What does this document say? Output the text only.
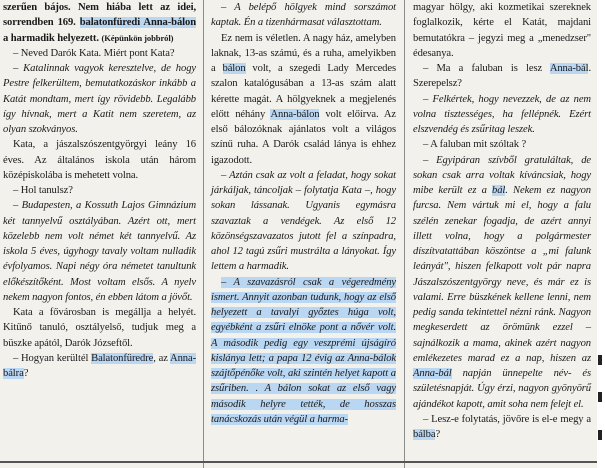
szerűen bájos. Nem hiába lett az idei, sorrendben 169. balatonfüredi Anna-bálon a harmadik helyezett. (Képünkön jobbról)

– Neved Darók Kata. Miért pont Kata?

– Katalinnak vagyok keresztelve, de hogy Pestre felkerültem, bemutatkozáskor inkább a Katát mondtam, mert így rövidebb. Legalább így hívnak, mert a Katit nem szeretem, az olyan szokványos.

Kata, a jászalszószentgyörgyi leány 16 éves. Az általános iskola után három középiskolába is mehetett volna.

– Hol tanulsz?

– Budapesten, a Kossuth Lajos Gimnázium két tannyelvű osztályában. Azért ott, mert közelebb nem volt német két tannyelvű. Az iskola 5 éves, úgyhogy tavaly voltam nulladik évfolyamos. Napi négy óra németet tanultunk előkészítőként. Most voltam elsős. A nyelv nekem nagyon fontos, én ebben látom a jövőt.

Kata a fővárosban is megállja a helyét. Kitűnő tanuló, osztályelső, tudjuk meg a büszke apától, Darók Józseftől.

– Hogyan kerültél Balatonfüredre, az Anna-bálra?

– A belépő hölgyek mind sorszámot kaptak. Én a tizenhármasat választottam.

Ez nem is véletlen. A nagy ház, amelyben laknak, 13-as számú, és a ruha, amelyikben a bálon volt, a szegedi Lady Mercedes szalon katalógusában a 13-as szám alatt kérette magát. A hölgyeknek a megjelenés előtt néhány Anna-bálon volt előírva. Az első bálozóknak ajánlatos volt a világos színű ruha. A Darók család lánya is ehhez igazodott.

– Aztán csak az volt a feladat, hogy sokat járkáljak, táncoljak – folytatja Kata –, hogy sokan lássanak. Ugyanis egymásra szavaztak a vendégek. Az első 12 közönségszavazatos jutott fel a színpadra, ahol 12 tagú zsűri mustrálta a lányokat. Így lettem a harmadik.

– A szavazásról csak a végeredmény ismert. Annyit azonban tudunk, hogy az első helyezett a tavalyi győztes húga volt, egyébként a zsűri elnöke pont a nővér volt. A második pedig egy veszprémi újságíró kislánya lett; a papa 12 évig az Anna-bálok szájtőpénőke volt, aki szintén helyet kapott a zsűriben. . A bálon sokat az első vagy második helyre tették, de hosszas tanácskozás után végül a harma-

magyar hölgy, aki kozmetikai szereknek foglalkozik, kérte el Katát, majdani bemutatókra – jegyzi meg a „menedzser" édesanya.

– Ma a faluban is lesz Anna-bál. Szerepelsz?

– Felkértek, hogy nevezzek, de az nem volna tisztességes, ha fellépnék. Ezért elszvendég és zsűritag leszek.

– A faluban mit szóltak ?

– Egyipáran szívből gratuláltak, de sokan csak arra voltak kíváncsiak, hogy mibe került ez a bál. Nekem ez nagyon furcsa. Nem vártuk mi el, hogy a falu szélén zenekar fogadja, de azért annyi illett volna, hogy a polgármester díszítvatattában köszöntse a „mi falunk leányát", hiszen felkapott volt pár napra Jászalszószentgyörgy neve, és már ez is valami. Erre büszkének kellene lenni, nem pedig sanda tekintettel nézni ránk. Nagyon megkeserdett az örömünk ezzel – sajnálkozik a mama, akinek azért nagyon emlékezetes marad ez a nap, hiszen az Anna-bál napján ünnepelte név- és születésnapját. Úgy érzi, nagyon gyönyörű ajándékot kapott, amit soha nem felejt el.

– Lesz-e folytatás, jövőre is el-e megy a bálba?
